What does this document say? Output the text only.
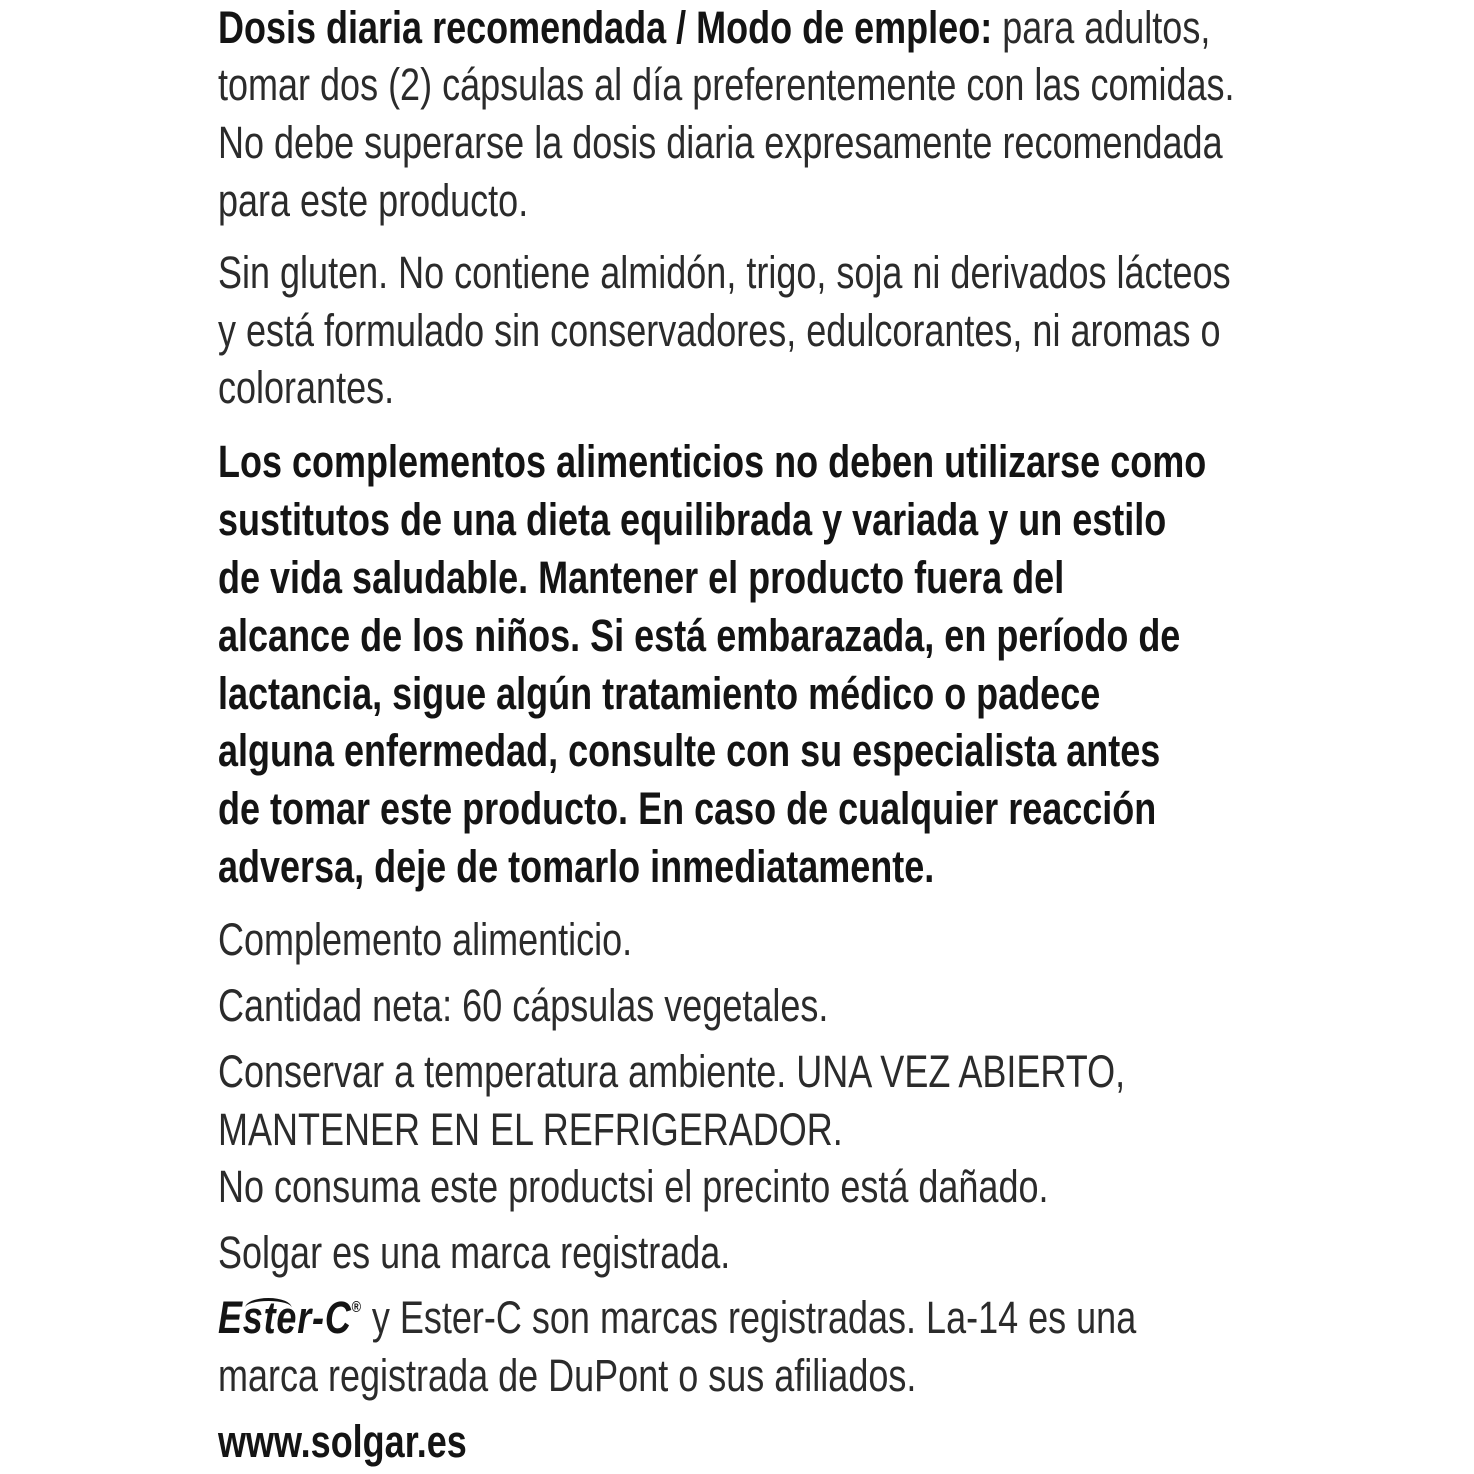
Dosis diaria recomendada / Modo de empleo: para adultos,
tomar dos (2) cápsulas al día preferentemente con las comidas.
No debe superarse la dosis diaria expresamente recomendada
para este producto.
Sin gluten. No contiene almidón, trigo, soja ni derivados lácteos
y está formulado sin conservadores, edulcorantes, ni aromas o
colorantes.
Los complementos alimenticios no deben utilizarse como
sustitutos de una dieta equilibrada y variada y un estilo
de vida saludable. Mantener el producto fuera del
alcance de los niños. Si está embarazada, en período de
lactancia, sigue algún tratamiento médico o padece
alguna enfermedad, consulte con su especialista antes
de tomar este producto. En caso de cualquier reacción
adversa, deje de tomarlo inmediatamente.
Complemento alimenticio.
Cantidad neta: 60 cápsulas vegetales.
Conservar a temperatura ambiente. UNA VEZ ABIERTO,
MANTENER EN EL REFRIGERADOR.
No consuma este productsi el precinto está dañado.
Solgar es una marca registrada.
Ester-C® y Ester-C son marcas registradas. La-14 es una
marca registrada de DuPont o sus afiliados.
www.solgar.es
